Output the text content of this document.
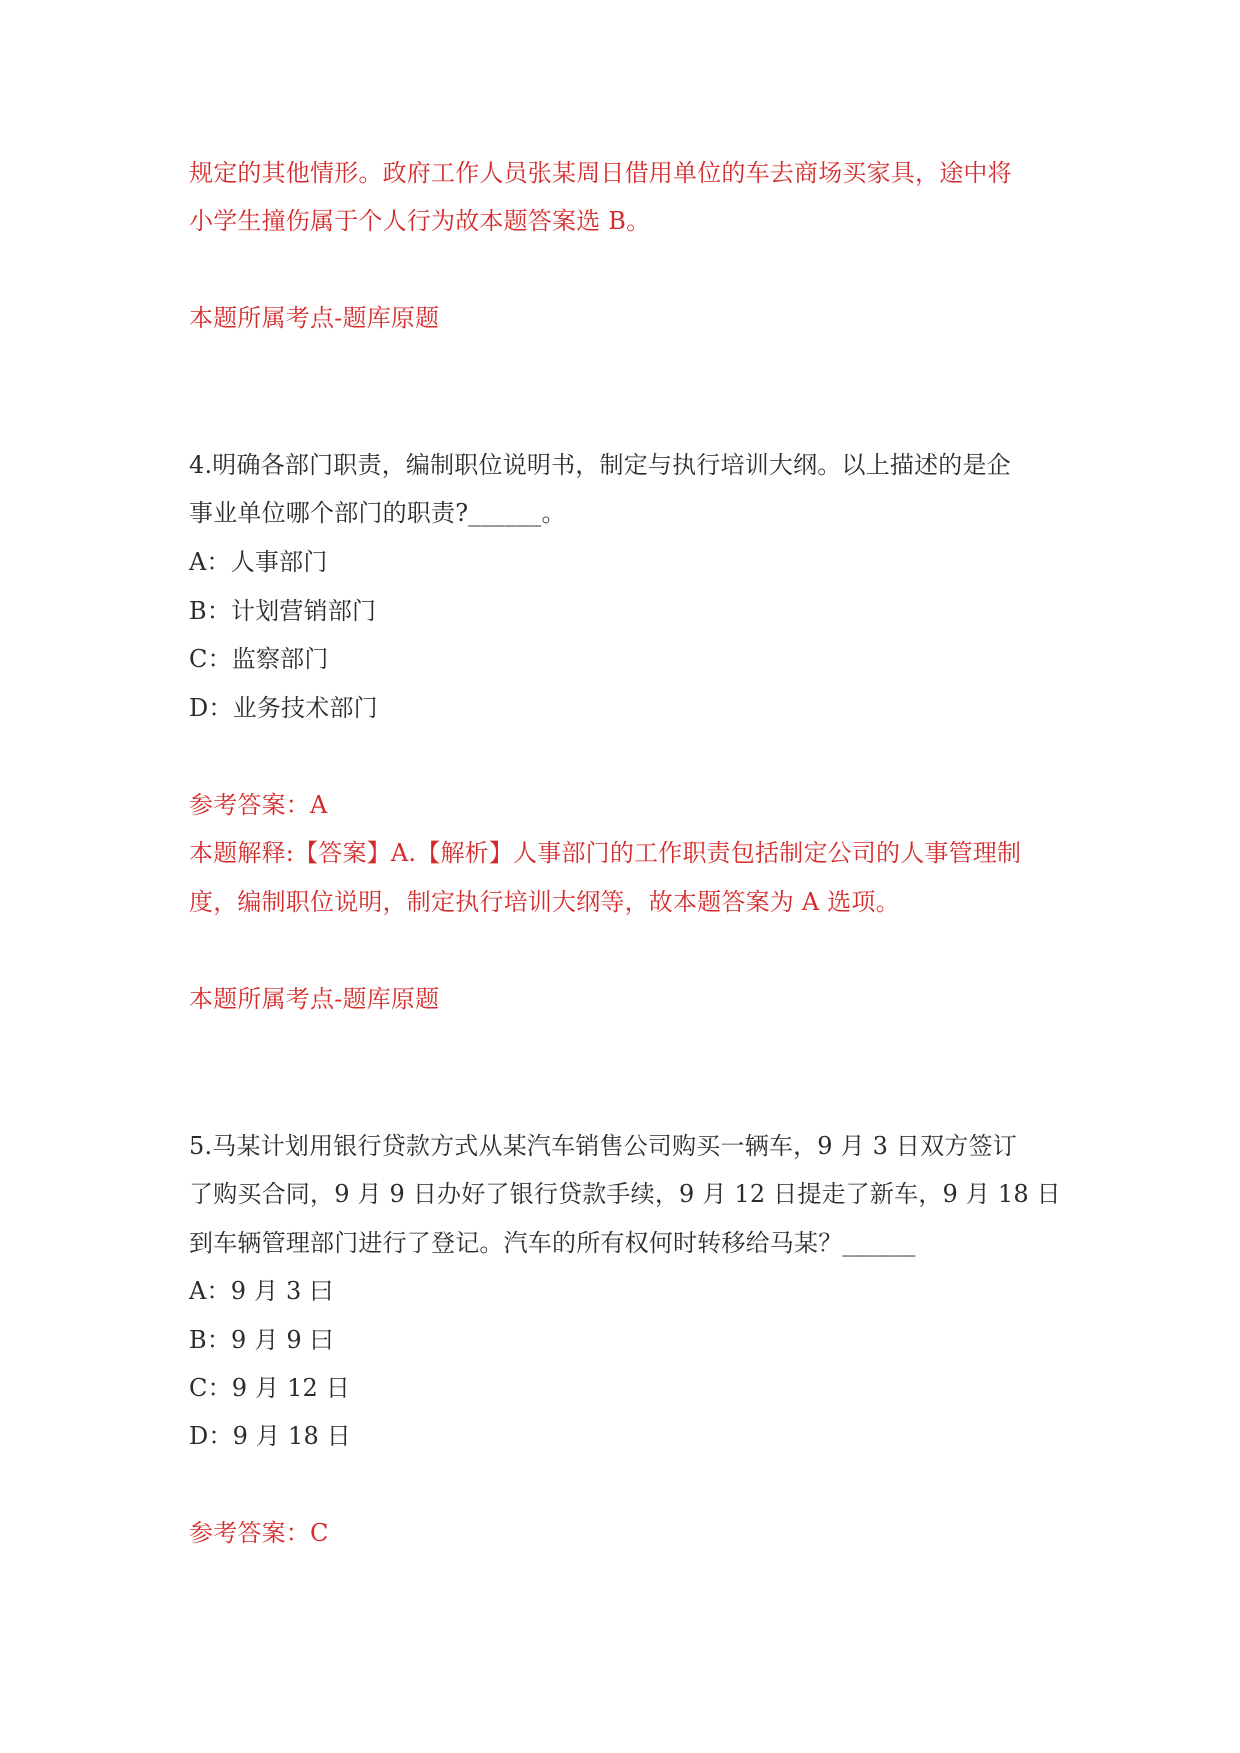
规定的其他情形。政府工作人员张某周日借用单位的车去商场买家具，途中将
小学生撞伤属于个人行为故本题答案选 B。
本题所属考点-题库原题
4.明确各部门职责，编制职位说明书，制定与执行培训大纲。以上描述的是企
事业单位哪个部门的职责?______。
A：人事部门
B：计划营销部门
C：监察部门
D：业务技术部门
参考答案：A
本题解释:【答案】A.【解析】人事部门的工作职责包括制定公司的人事管理制
度，编制职位说明，制定执行培训大纲等，故本题答案为 A 选项。
本题所属考点-题库原题
5.马某计划用银行贷款方式从某汽车销售公司购买一辆车，9 月 3 日双方签订
了购买合同，9 月 9 日办好了银行贷款手续，9 月 12 日提走了新车，9 月 18 日
到车辆管理部门进行了登记。汽车的所有权何时转移给马某？______
A：9 月 3 曰
B：9 月 9 曰
C：9 月 12 日
D：9 月 18 日
参考答案：C
